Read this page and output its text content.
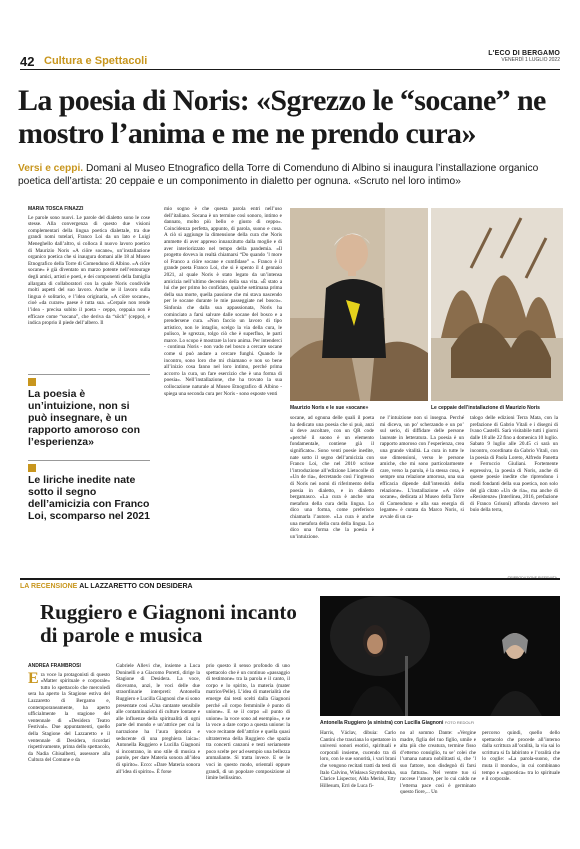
42 Cultura e Spettacoli
L'ECO DI BERGAMO
VENERDÌ 1 LUGLIO 2022
La poesia di Noris: «Sgrezzo le “socane” ne mostro l’anima e me ne prendo cura»

Versi e ceppi. Domani al Museo Etnografico della Torre di Comenduno di Albino si inaugura l’installazione organico poetica dell’artista: 20 ceppaie e un componimento in dialetto per ognuna. «Scruto nel loro intimo»

MARIA TOSCA FINAZZI
Le parole sono nuovi. Le parole del dialetto sono le cose stesse. Alla convergenza di questo due visioni complementari della lingua poetica dialettale, tra due grandi nomi tutelari, Franco Loi da un lato e Luigi Meneghello dall’altro, si colloca il nuovo lavoro poetico di Maurizio Noris «A ciöre socane», un’installazione organico poetica che si inaugura domani alle 18 al Museo Etnografico della Torre di Comenduno di Albino. «A ciöre socane» è già diventato un marzo potente nell’entourage degli amici, artisti e poeti, e dei componenti della famiglia allargata di collaboratori con la quale Noris condivide molti aspetti del suo lavoro. Anche se il lavoro sulla lingua è solitario, e l’idea originaria, «A ciöre socane», cioè «da curare» paese è tutta sua. «Cerpaie non rende l’idea - precisa subito il poeta - ceppo, ceppaia non è efficace come “socana”, che deriva da “söch” (ceppo), e indica proprio il piede dell’albero. Il
La poesia è un’intuizione, non si può insegnare, è un rapporto amoroso con l’esperienza»
Le liriche inedite nate sotto il segno dell’amicizia con Franco Loi, scomparso nel 2021
mio sogno è che questa parola entri nell’uso dell’italiano. Socana è un termine così sonoro, intimo e dannato, molto più bello e giusto di ceppo». Coincidenza perfetta, appunto, di parola, suono e cosa. A ciò si aggiunge la dimensione della cura che Noris ammette di aver appreso innanzitutto dalla moglie e di aver interiorizzato nel tempo della pandemia. «Il progetto doveva in realtà chiamarsi “Do quando ’l more ol Franco a ciöre socane e cumfidase” ». Franco è il grande poeta Franco Loi, che si è spento il 4 gennaio 2021, al quale Noris è stato legato da un’intensa amicizia nell’ultimo decennio della sua vita. «È stato a lui che per primo ho confidato, qualche settimana prima della sua morte, quella passione che mi stava nascendo per le socane durante le mie passeggiate nel bosco». Sinfonia che dalla sua appassionata, Noris ha cominciato a farsi salvare dalle socane del bosco e a prendersene cura. «Non faccio un lavoro di tipo artistico, non le intaglio, scelgo la via della cura, le pulisco, le sgrezzo, tolgo ciò che è superfluo, le parti marce. Lo scopo è mostrare la loro anima. Per intenderci - continua Noris - non vado nel bosco a cercare socane come si può andare a cercare funghi. Quando le incontro, sono loro che mi chiamano e non so bene all’inizio cosa fanno nel loro intimo, perché prima accorro la cura, un fare esercizio che è una forma di poesia». Nell’installazione, che ha trovato la sua collocazione naturale al Museo Etnografico di Albino - spiega una seconda cura per Noris - sono esposte venti
Maurizio Noris e le sue «socane»	Le ceppaie dell’installazione di Maurizio Noris
socane, ad ognuna delle quali il poeta ha dedicato una poesia che si può, anzi si deve ascoltare, con un QR code «perché il suono è un elemento fondamentale, contiene già il significato». Sono venti poesie inedite, nate sotto il segno dell’amicizia con Franco Loi, che nel 2010 scrisse l’introduzione all’edizione Lietocolle di «Un de ria», decretando così l’ingresso di Noris nei nomi di riferimento della poesia in dialetto, e in dialetto bergamasco. «La cura è anche una metafora della cura della lingua. Lo dico una forma, come preferisco chiamarla l’autore. «La cura è anche una metafora della cura della lingua. Lo dico una forma che la poesia è un’intuizione.
ne l’intuizione non si insegna. Perché mi diceva, un po’ scherzando e un po’ sul serio, di diffidare delle persone laureate in letteratura. La poesia è un rapporto amoroso con l’esperienza, crea una grande vitalità. La cura in tutte le sue dimensioni, verso le persone amiche, che mi sono particolarmente care, verso la parola, è la stessa cosa, è sempre una relazione amorosa, una sua efficacia dipende dall’intensità della relazione». L’installazione «A ciöre socane», dedicata al Museo della Torre di Comenduno e alla sua energia di legame» è curata da Marco Noris, si avvale di un ca-
talogo delle edizioni Terra Mata, con la prefazione di Gabrio Vitali e i disegni di Ivano Castelli. Sarà visitabile tutti i giorni dalle 18 alle 22 fino a domenica 10 luglio. Sabato 9 luglio alle 20.45 ci sarà un incontro, coordinato da Gabrio Vitali, con la poesia di Paola Loreto, Alfredo Panetta e Ferruccio Giuliani. Fortemente espressiva, la poesia di Noris, anche di queste poesie inedite che riprendono i modi fondanti della sua poetica, non solo del già citato «Un de ria», ma anche di «Resistenze» (Interlinea, 2016, prefazione di Franco Grisoni) affonda davvero nel buio della terra,
LA RECENSIONE AL LAZZARETTO CON DESIDERA
Ruggiero e Giagnoni incanto di parole e musica
Antonella Ruggiero (a sinistra) con Lucilla Giagnoni FOTO REDOLFI
ANDREA FRAMBROSI
E ra voce la protagonisti di questo «Matter spirituale e corporale» tutto lo spettacolo che mercoledì sera ha aperto la Stagione estiva del Lazzaretto di Bergamo e, contemporaneamente, ha aperto ufficialmente la stagione del ventennale di «Desidera Teatro Festival». Due appuntamenti, quello della Stagione del Lazzaretto e il ventennale di Desidera, ricordati rispettivamente, prima dello spettacolo, da Nadia Ghisalberti, assessore alla Cultura del Comune e da
Gabriele Allevi che, insieme a Luca Doninelli e a Giacomo Poretti, dirige la Stagione di Desidera. La voce, dicevamo, anzi, le voci delle due straordinarie interpreti: Antonella Ruggiero e Lucilla Giagnoni che si sono presentate così «Una cantante sensibile alle contaminazioni di culture lontane e alle influenze della spiritualità di ogni parte del mondo e un’attrice per cui la narrazione ha l’aura ipnotica e seducente di una preghiera laica»: Antonella Ruggiero e Lucilla Giagnoni si incontrano, in uno stile di musica e parole, per dare Materia sonora all’idea di spirito». Ecco: «Dare Materia sonora all’idea di spirito». È forse
prio questo il senso profondo di uno spettacolo che è un continuo «passaggio di testimone» tra la parola e il canto, il corpo e lo spirito, la materia (mater matrice/Pelle). L’idea di materialità che emerge dai testi scelti dalla Giagnoni perché «il corpo femminile è punto di unione». E se il corpo «il punto di unione» la voce sono ad esempio», e se la voce a dare corpo a questa unione: la voce recitante dell’attrice e quella quasi ultraterrena della Ruggiero che spazia tra concerti canzoni e testi seriamente poco scelte per ad esempio una bellezza ammaliante. Si tratta invece. E se le voci in questo modo, orientali oppure grandi, di un popolare composizione al limite bellissimo.
Harris, Václav, dibuia: Carlo Cantini che trasciana lo spettatore in universi sonori esotici, spirituali e corporali insieme, cucendo tra di loro, con le sue sonorità, i vari brani che vengono recitati tratti da testi di Italo Calvino, Wisława Szymborska, Clarice Lispector, Alda Merini, Etty Hillesum, Erri de Luca fi-
no al sommo Dante: «Vergine madre, figlia del tuo figlio, umile e alta più che creatura, termine fisso d’etterno consiglio, tu se’ colei che l’umana natura nobilitasti sì, che ’l suo fattore, non disdegnò di farsi sua fattura». Nel ventre tuo si raccese l’amore, per lo cui caldo ne l’etterna pace così è germinato questo fiore,... Un
percorso quindi, quello dello spettacolo che procede all’interno dalla scrittura all’oralità, la via sai lo scrittura si fa labirinto e l’oralità che lo coglie: «La parola-suono, che muta il mondo», in cui combinano tempo e «agnostica» tra lo spirituale e il corporale.
